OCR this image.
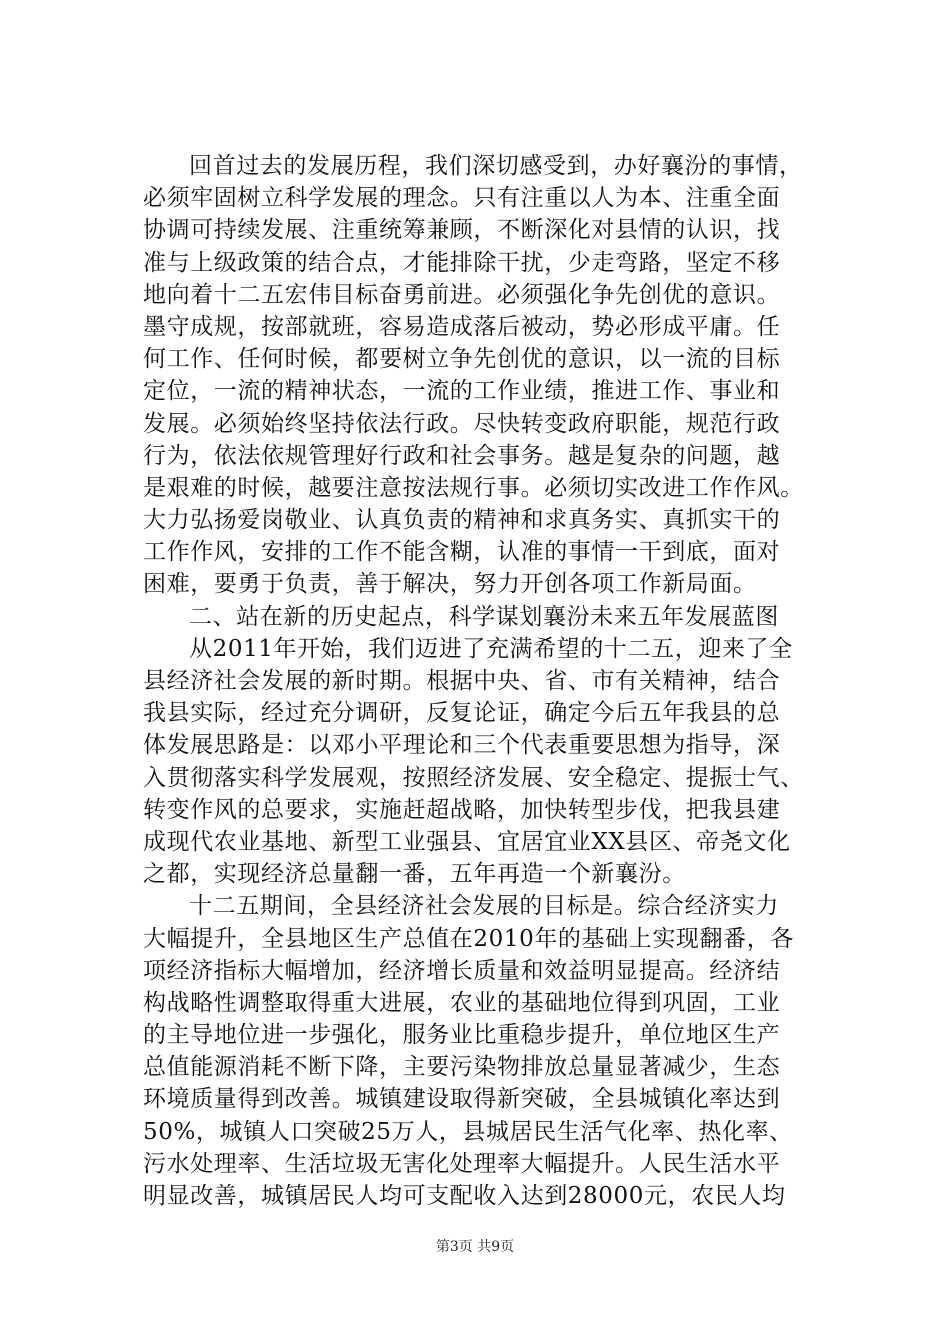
回首过去的发展历程，我们深切感受到，办好襄汾的事情，
必须牢固树立科学发展的理念。只有注重以人为本、注重全面
协调可持续发展、注重统筹兼顾，不断深化对县情的认识，找
准与上级政策的结合点，才能排除干扰，少走弯路，坚定不移
地向着十二五宏伟目标奋勇前进。必须强化争先创优的意识。
墨守成规，按部就班，容易造成落后被动，势必形成平庸。任
何工作、任何时候，都要树立争先创优的意识，以一流的目标
定位，一流的精神状态，一流的工作业绩，推进工作、事业和
发展。必须始终坚持依法行政。尽快转变政府职能，规范行政
行为，依法依规管理好行政和社会事务。越是复杂的问题，越
是艰难的时候，越要注意按法规行事。必须切实改进工作作风。
大力弘扬爱岗敬业、认真负责的精神和求真务实、真抓实干的
工作作风，安排的工作不能含糊，认准的事情一干到底，面对
困难，要勇于负责，善于解决，努力开创各项工作新局面。
二、站在新的历史起点，科学谋划襄汾未来五年发展蓝图
从2011年开始，我们迈进了充满希望的十二五，迎来了全
县经济社会发展的新时期。根据中央、省、市有关精神，结合
我县实际，经过充分调研，反复论证，确定今后五年我县的总
体发展思路是：以邓小平理论和三个代表重要思想为指导，深
入贯彻落实科学发展观，按照经济发展、安全稳定、提振士气、
转变作风的总要求，实施赶超战略，加快转型步伐，把我县建
成现代农业基地、新型工业强县、宜居宜业XX县区、帝尧文化
之都，实现经济总量翻一番，五年再造一个新襄汾。
十二五期间，全县经济社会发展的目标是。综合经济实力
大幅提升，全县地区生产总值在2010年的基础上实现翻番，各
项经济指标大幅增加，经济增长质量和效益明显提高。经济结
构战略性调整取得重大进展，农业的基础地位得到巩固，工业
的主导地位进一步强化，服务业比重稳步提升，单位地区生产
总值能源消耗不断下降，主要污染物排放总量显著减少，生态
环境质量得到改善。城镇建设取得新突破，全县城镇化率达到
50%，城镇人口突破25万人，县城居民生活气化率、热化率、
污水处理率、生活垃圾无害化处理率大幅提升。人民生活水平
明显改善，城镇居民人均可支配收入达到28000元，农民人均
第3页 共9页
